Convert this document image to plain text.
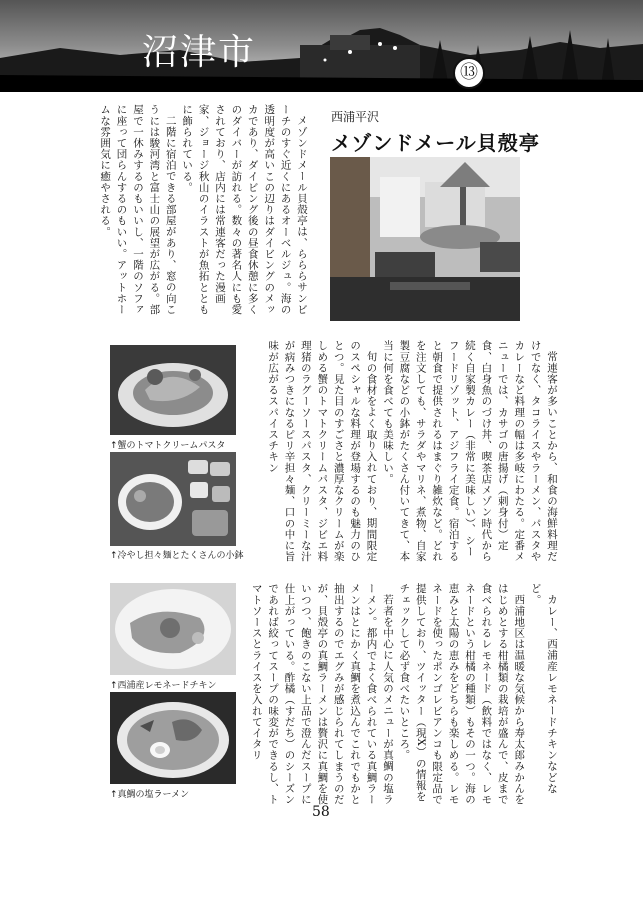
沼津市	⑬

メゾンドメール貝殻亭は、らららサンビーチのすぐ近くにあるオーベルジュ。海の透明度が高いこの辺りはダイビングのメッカであり、ダイビング後の昼食休憩に多くのダイバーが訪れる。数々の著名人にも愛されており、店内には常連客だった漫画家、ジョージ秋山のイラストが魚拓とともに飾られている。

二階に宿泊できる部屋があり、窓の向こうには駿河湾と富士山の展望が広がる。部屋で一休みするのもいいし、一階のソファに座って団らんするのもいい。アットホームな雰囲気に癒やされる。	西浦平沢
メゾンドメール貝殻亭

常連客が多いことから、和食の海鮮料理だけでなく、タコライスやラーメン、パスタやカレーなど料理の幅は多岐にわたる。定番メニューでは、カサゴの唐揚げ（刺身付）定食、白身魚のづけ丼、喫茶店メゾン時代から続く自家製カレー（非常に美味しい）、シーフードリゾット、アジフライ定食。宿泊すると朝食で提供されるはまぐり雑炊など。どれを注文しても、サラダやマリネ、煮物、自家製豆腐などの小鉢がたくさん付いてきて、本当に何を食べても美味しい。

旬の食材をよく取り入れており、期間限定のスペシャルな料理が登場するのも魅力のひとつ。見た目のすごさと濃厚なクリームが楽しめる蟹のトマトクリームパスタ、ジビエ料理猪のラグーソースパスタ、クリーミーな汁が病みつきになるピリ辛担々麺、口の中に旨味が広がるスパイスチキン

カレー、西浦産レモネードチキンなどなど。

西浦地区は温暖な気候から寿太郎みかんをはじめとする柑橘類の栽培が盛んで、皮まで食べられるレモネード（飲料ではなく、レモネードという柑橘の種類）もその一つ。海の恵みと太陽の恵みをどちらも楽しめる。レモネードを使ったポンゴレビアンコも限定品で提供しており、ツイッター（現X）の情報をチェックして必ず食べたいところ。

若者を中心に人気のメニューが真鯛の塩ラーメン。都内でよく食べられている真鯛ラーメンはとにかく真鯛を煮込んでこれでもかと抽出するのでエグみが感じられてしまうのだが、貝殻亭の真鯛ラーメンは贅沢に真鯛を使いつつ、飽きのこない上品で澄んだスープに仕上がっている。酢橘（すだち）のシーズンであれば絞ってスープの味変ができるし、トマトソースとライスを入れてイタリ

↑蟹のトマトクリームパスタ
↑冷やし担々麺とたくさんの小鉢
↑西浦産レモネードチキン
↑真鯛の塩ラーメン
58
